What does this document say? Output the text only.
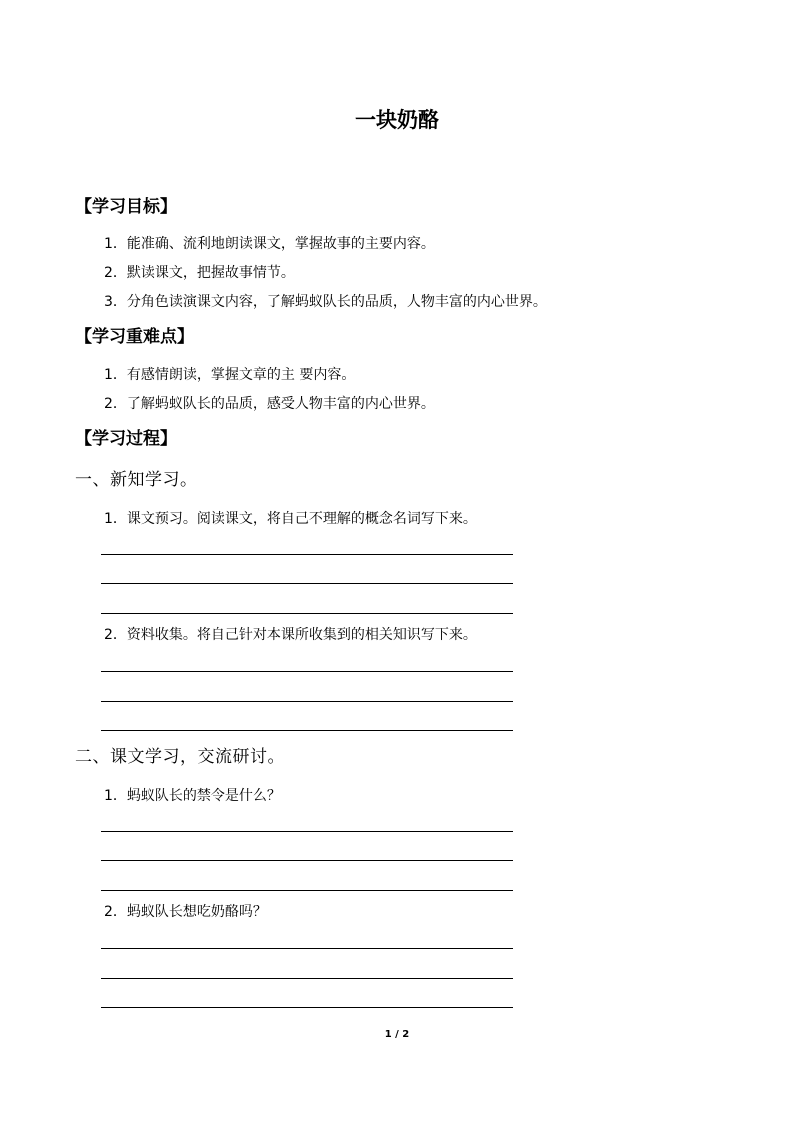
一块奶酪
【学习目标】
1．能准确、流利地朗读课文，掌握故事的主要内容。
2．默读课文，把握故事情节。
3．分角色读演课文内容，了解蚂蚁队长的品质，人物丰富的内心世界。
【学习重难点】
1．有感情朗读，掌握文章的主 要内容。
2．了解蚂蚁队长的品质，感受人物丰富的内心世界。
【学习过程】
一、新知学习。
1．课文预习。阅读课文，将自己不理解的概念名词写下来。
2．资料收集。将自己针对本课所收集到的相关知识写下来。
二、课文学习，交流研讨。
1．蚂蚁队长的禁令是什么？
2．蚂蚁队长想吃奶酪吗？
1 / 2
